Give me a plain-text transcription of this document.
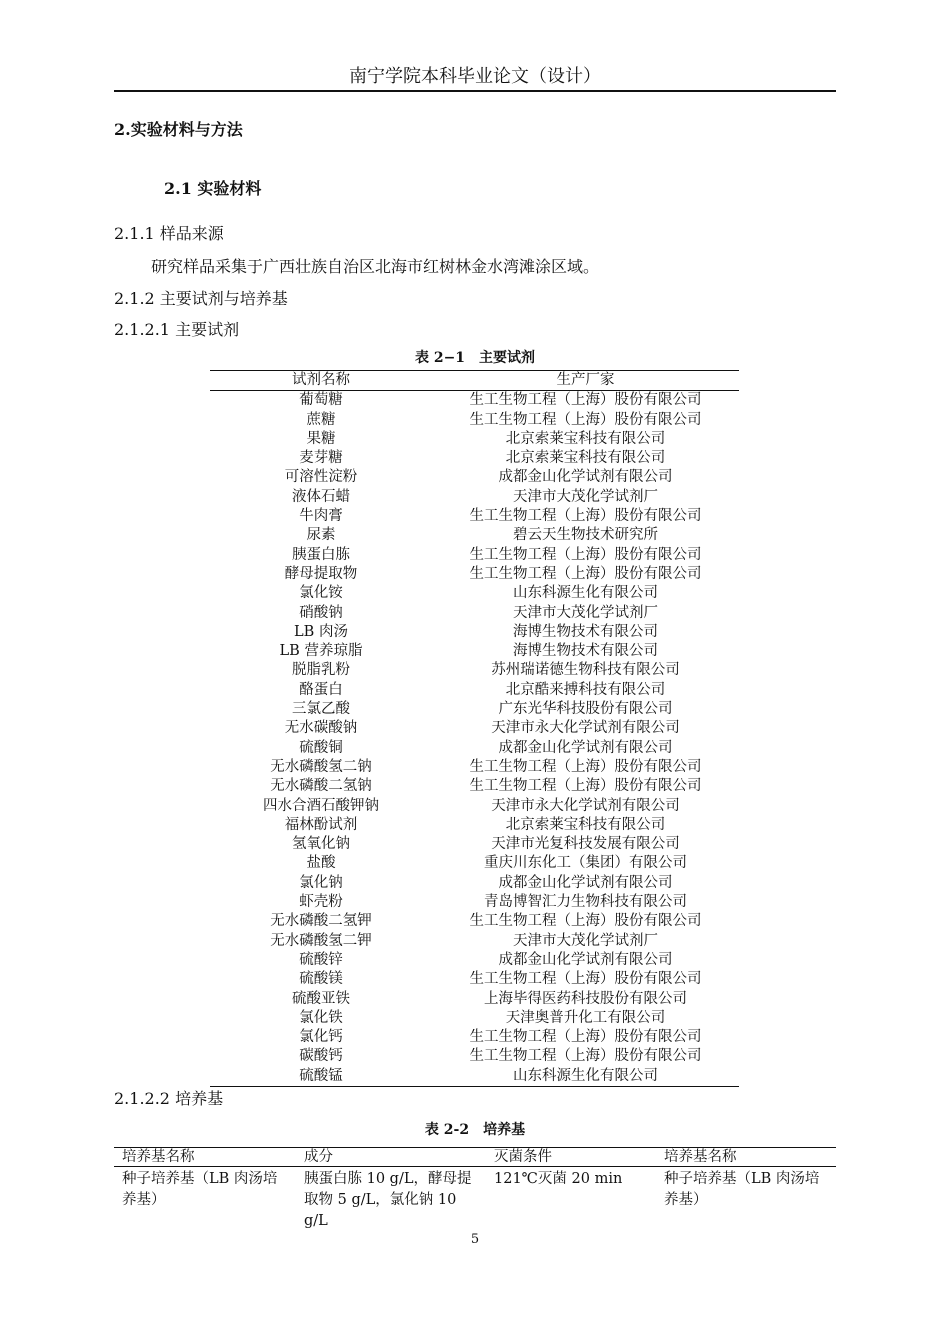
南宁学院本科毕业论文（设计）
2.实验材料与方法
2.1 实验材料
2.1.1 样品来源
研究样品采集于广西壮族自治区北海市红树林金水湾滩涂区域。
2.1.2 主要试剂与培养基
2.1.2.1 主要试剂
表 2−1　主要试剂
试剂名称	生产厂家
葡萄糖	生工生物工程（上海）股份有限公司
蔗糖	生工生物工程（上海）股份有限公司
果糖	北京索莱宝科技有限公司
麦芽糖	北京索莱宝科技有限公司
可溶性淀粉	成都金山化学试剂有限公司
液体石蜡	天津市大茂化学试剂厂
牛肉膏	生工生物工程（上海）股份有限公司
尿素	碧云天生物技术研究所
胰蛋白胨	生工生物工程（上海）股份有限公司
酵母提取物	生工生物工程（上海）股份有限公司
氯化铵	山东科源生化有限公司
硝酸钠	天津市大茂化学试剂厂
LB 肉汤	海博生物技术有限公司
LB 营养琼脂	海博生物技术有限公司
脱脂乳粉	苏州瑞诺德生物科技有限公司
酪蛋白	北京酷来搏科技有限公司
三氯乙酸	广东光华科技股份有限公司
无水碳酸钠	天津市永大化学试剂有限公司
硫酸铜	成都金山化学试剂有限公司
无水磷酸氢二钠	生工生物工程（上海）股份有限公司
无水磷酸二氢钠	生工生物工程（上海）股份有限公司
四水合酒石酸钾钠	天津市永大化学试剂有限公司
福林酚试剂	北京索莱宝科技有限公司
氢氧化钠	天津市光复科技发展有限公司
盐酸	重庆川东化工（集团）有限公司
氯化钠	成都金山化学试剂有限公司
虾壳粉	青岛博智汇力生物科技有限公司
无水磷酸二氢钾	生工生物工程（上海）股份有限公司
无水磷酸氢二钾	天津市大茂化学试剂厂
硫酸锌	成都金山化学试剂有限公司
硫酸镁	生工生物工程（上海）股份有限公司
硫酸亚铁	上海毕得医药科技股份有限公司
氯化铁	天津奥普升化工有限公司
氯化钙	生工生物工程（上海）股份有限公司
碳酸钙	生工生物工程（上海）股份有限公司
硫酸锰	山东科源生化有限公司
2.1.2.2 培养基
表 2-2　培养基
培养基名称	成分	灭菌条件	培养基名称
种子培养基（LB 肉汤培养基）	胰蛋白胨 10 g/L，酵母提取物 5 g/L，氯化钠 10 g/L	121℃灭菌 20 min	种子培养基（LB 肉汤培养基）
5
